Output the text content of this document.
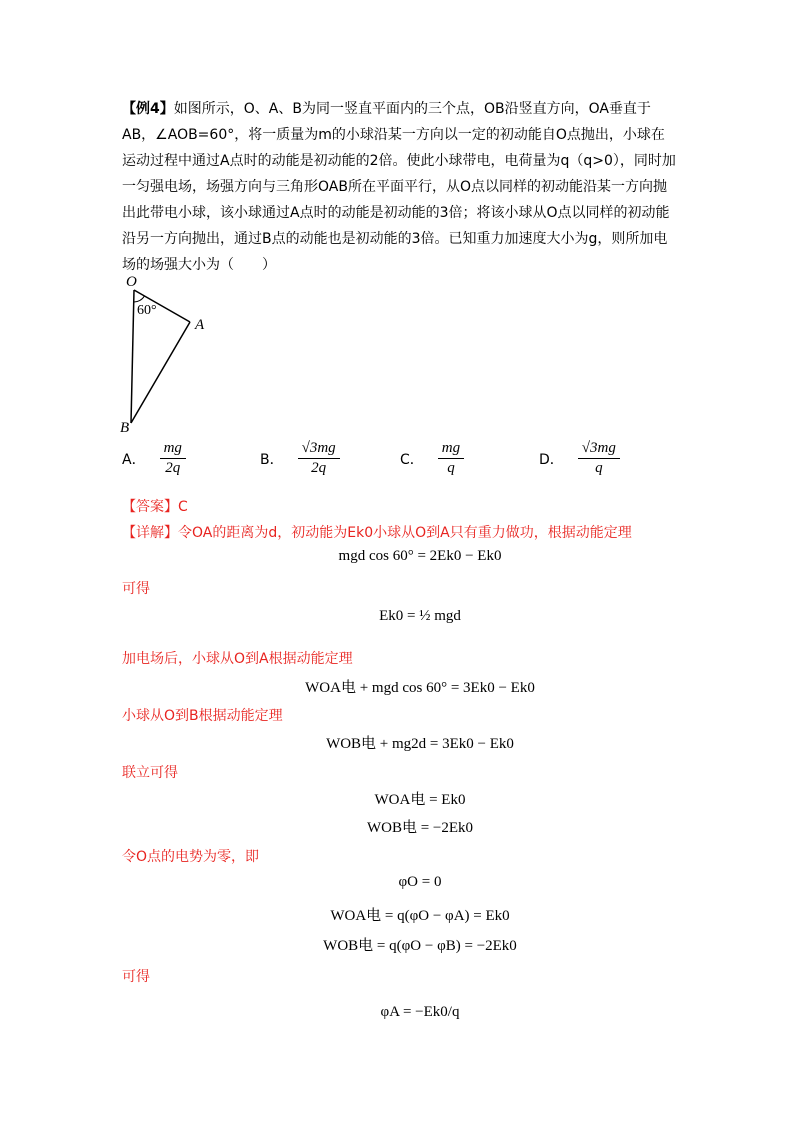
【例4】如图所示，O、A、B为同一竖直平面内的三个点，OB沿竖直方向，OA垂直于AB，∠AOB=60°，将一质量为m的小球沿某一方向以一定的初动能自O点抛出，小球在运动过程中通过A点时的动能是初动能的2倍。使此小球带电，电荷量为q（q>0），同时加一匀强电场，场强方向与三角形OAB所在平面平行，从O点以同样的初动能沿某一方向抛出此带电小球，该小球通过A点时的动能是初动能的3倍；将该小球从O点以同样的初动能沿另一方向抛出，通过B点的动能也是初动能的3倍。已知重力加速度大小为g，则所加电场的场强大小为（　　）
O
A
B
60°
A． $\frac{mg}{2q}$	B． $\frac{√3mg}{2q}$	C． $\frac{mg}{q}$	D． $\frac{√3mg}{q}$
【答案】C
【详解】令OA的距离为d，初动能为Ek0小球从O到A只有重力做功，根据动能定理
mgd cos 60° = 2Ek0 − Ek0
可得
Ek0 = ½ mgd
加电场后，小球从O到A根据动能定理
WOA电 + mgd cos 60° = 3Ek0 − Ek0
小球从O到B根据动能定理
WOB电 + mg2d = 3Ek0 − Ek0
联立可得
WOA电 = Ek0
WOB电 = −2Ek0
令O点的电势为零，即
φO = 0
WOA电 = q(φO − φA) = Ek0
WOB电 = q(φO − φB) = −2Ek0
可得
φA = −Ek0/q
